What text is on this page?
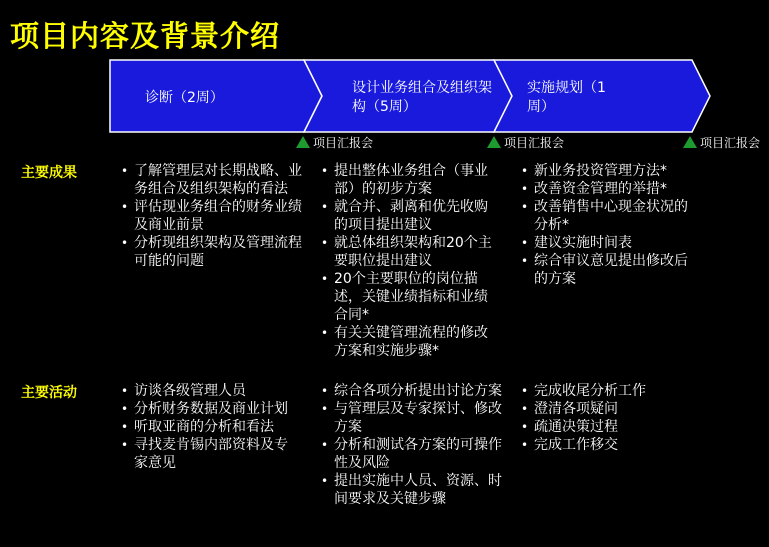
项目内容及背景介绍
诊断（2周）
设计业务组合及组织架构（5周）
实施规划（1周）
项目汇报会	项目汇报会	项目汇报会
主要成果
主要活动
• 了解管理层对长期战略、业务组合及组织架构的看法
• 评估现业务组合的财务业绩及商业前景
• 分析现组织架构及管理流程可能的问题
• 提出整体业务组合（事业部）的初步方案
• 就合并、剥离和优先收购的项目提出建议
• 就总体组织架构和20个主要职位提出建议
• 20个主要职位的岗位描述，关键业绩指标和业绩合同*
• 有关关键管理流程的修改方案和实施步骤*
• 新业务投资管理方法*
• 改善资金管理的举措*
• 改善销售中心现金状况的分析*
• 建议实施时间表
• 综合审议意见提出修改后的方案
• 访谈各级管理人员
• 分析财务数据及商业计划
• 听取亚商的分析和看法
• 寻找麦肯锡内部资料及专家意见
• 综合各项分析提出讨论方案
• 与管理层及专家探讨、修改方案
• 分析和测试各方案的可操作性及风险
• 提出实施中人员、资源、时间要求及关键步骤
• 完成收尾分析工作
• 澄清各项疑问
• 疏通决策过程
• 完成工作移交
